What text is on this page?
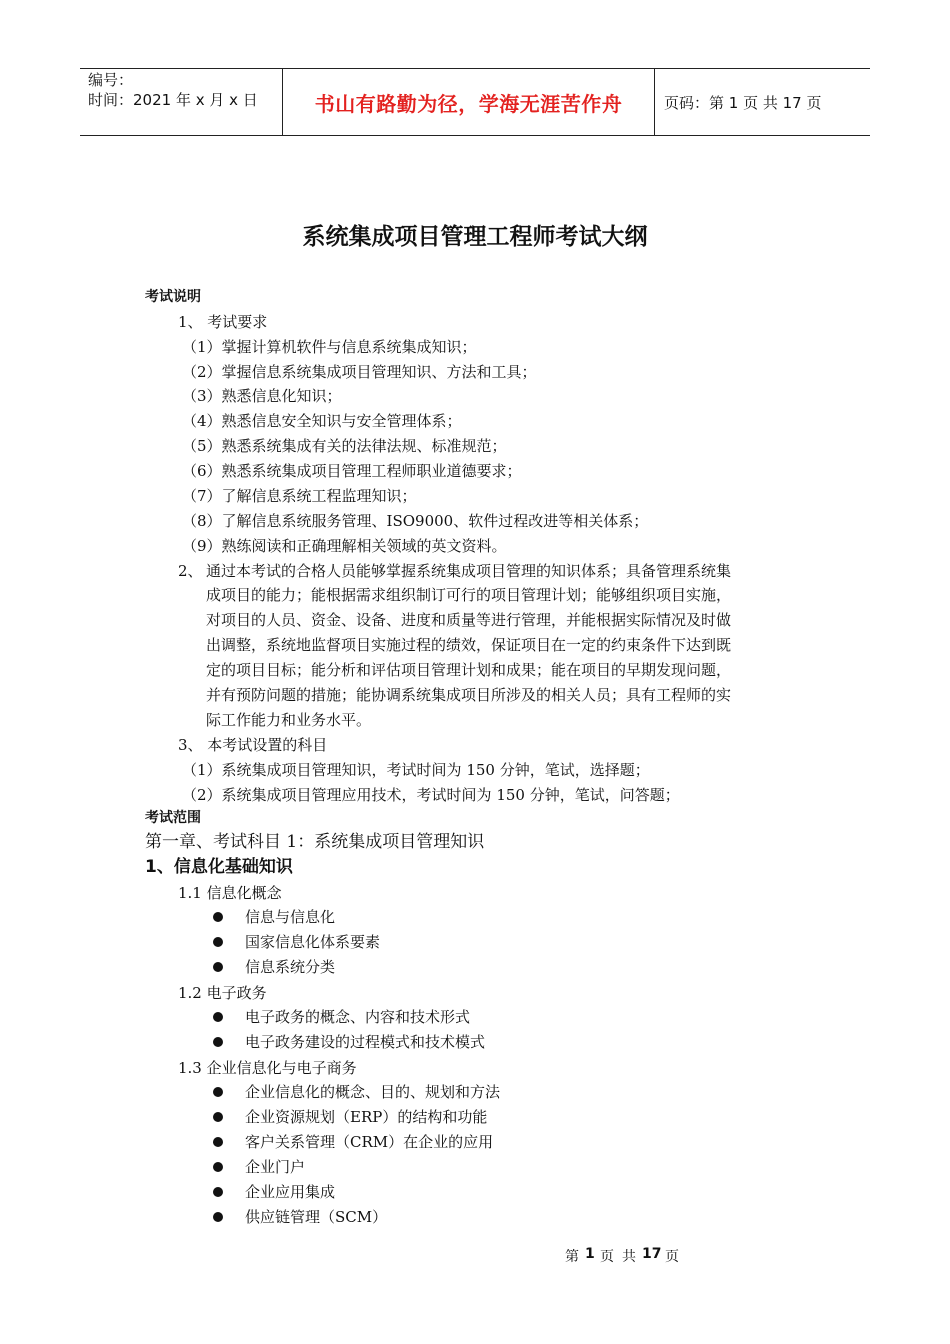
编号：
时间：2021 年 x 月 x 日	书山有路勤为径，学海无涯苦作舟	页码：第 1 页 共 17 页
系统集成项目管理工程师考试大纲
考试说明
1、 考试要求
（1）掌握计算机软件与信息系统集成知识；
（2）掌握信息系统集成项目管理知识、方法和工具；
（3）熟悉信息化知识；
（4）熟悉信息安全知识与安全管理体系；
（5）熟悉系统集成有关的法律法规、标准规范；
（6）熟悉系统集成项目管理工程师职业道德要求；
（7）了解信息系统工程监理知识；
（8）了解信息系统服务管理、ISO9000、软件过程改进等相关体系；
（9）熟练阅读和正确理解相关领域的英文资料。
2、 通过本考试的合格人员能够掌握系统集成项目管理的知识体系；具备管理系统集
成项目的能力；能根据需求组织制订可行的项目管理计划；能够组织项目实施，
对项目的人员、资金、设备、进度和质量等进行管理，并能根据实际情况及时做
出调整，系统地监督项目实施过程的绩效，保证项目在一定的约束条件下达到既
定的项目目标；能分析和评估项目管理计划和成果；能在项目的早期发现问题，
并有预防问题的措施；能协调系统集成项目所涉及的相关人员；具有工程师的实
际工作能力和业务水平。
3、 本考试设置的科目
（1）系统集成项目管理知识，考试时间为 150 分钟，笔试，选择题；
（2）系统集成项目管理应用技术，考试时间为 150 分钟，笔试，问答题；
考试范围
第一章、考试科目 1：系统集成项目管理知识
1、信息化基础知识
1.1 信息化概念
信息与信息化
国家信息化体系要素
信息系统分类
1.2 电子政务
电子政务的概念、内容和技术形式
电子政务建设的过程模式和技术模式
1.3 企业信息化与电子商务
企业信息化的概念、目的、规划和方法
企业资源规划（ERP）的结构和功能
客户关系管理（CRM）在企业的应用
企业门户
企业应用集成
供应链管理（SCM）
第 1 页 共 17 页
